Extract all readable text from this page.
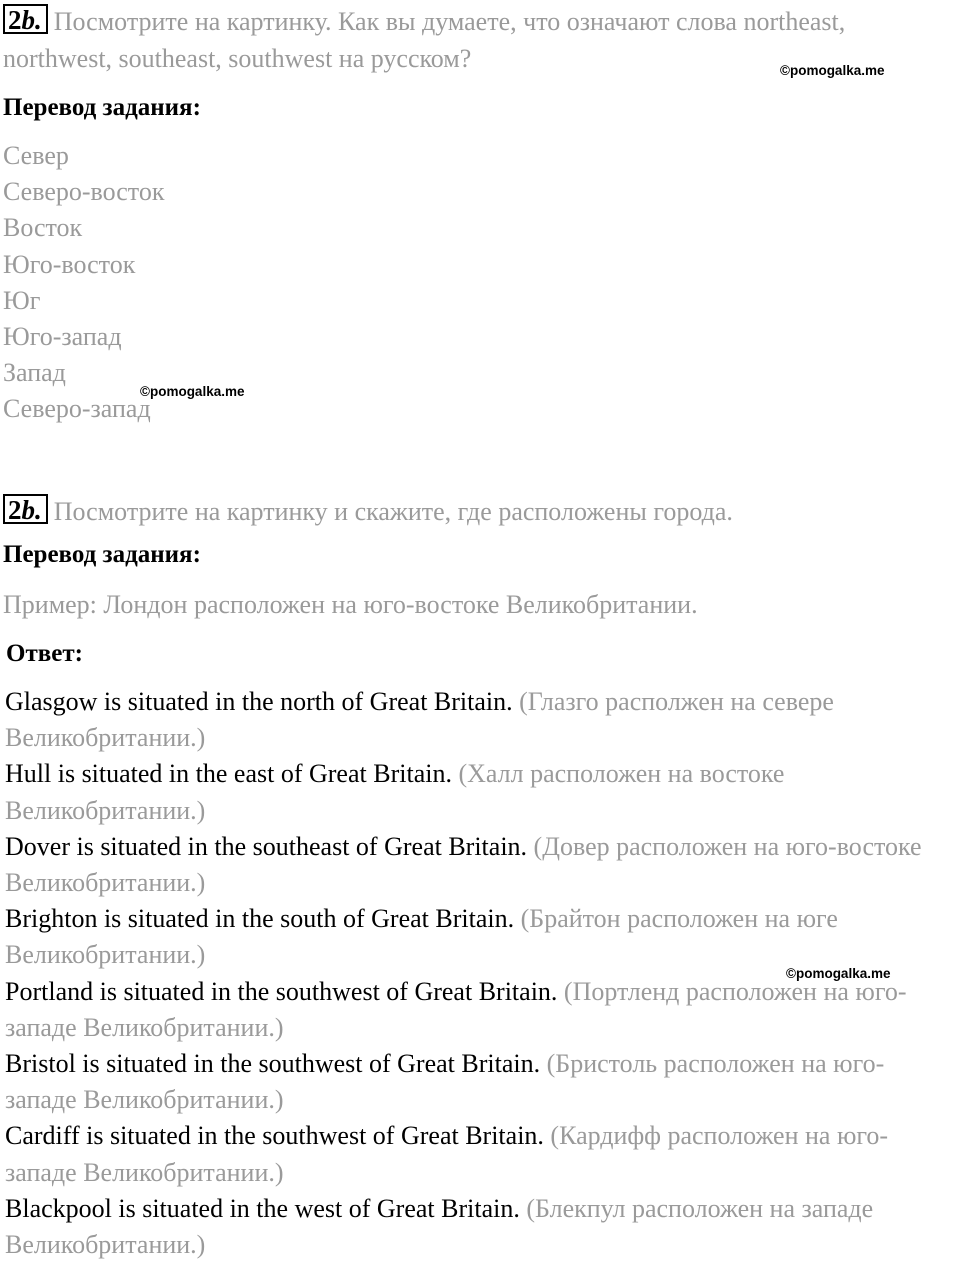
2b. Посмотрите на картинку. Как вы думаете, что означают слова northeast, northwest, southeast, southwest на русском?	©pomogalka.me
Перевод задания:
Север
Северо-восток
Восток
Юго-восток
Юг
Юго-запад
Запад
Северо-запад
©pomogalka.me
2b. Посмотрите на картинку и скажите, где расположены города.
Перевод задания:
Пример: Лондон расположен на юго-востоке Великобритании.
Ответ:
Glasgow is situated in the north of Great Britain. (Глазго располжен на севере Великобритании.)
Hull is situated in the east of Great Britain. (Халл расположен на востоке Великобритании.)
Dover is situated in the southeast of Great Britain. (Довер расположен на юго-востоке Великобритании.)
Brighton is situated in the south of Great Britain. (Брайтон расположен на юге Великобритании.)
Portland is situated in the southwest of Great Britain. (Портленд расположен на юго-западе Великобритании.)
Bristol is situated in the southwest of Great Britain. (Бристоль расположен на юго-западе Великобритании.)
Cardiff is situated in the southwest of Great Britain. (Кардифф расположен на юго-западе Великобритании.)
Blackpool is situated in the west of Great Britain. (Блекпул расположен на западе Великобритании.)
©pomogalka.me
